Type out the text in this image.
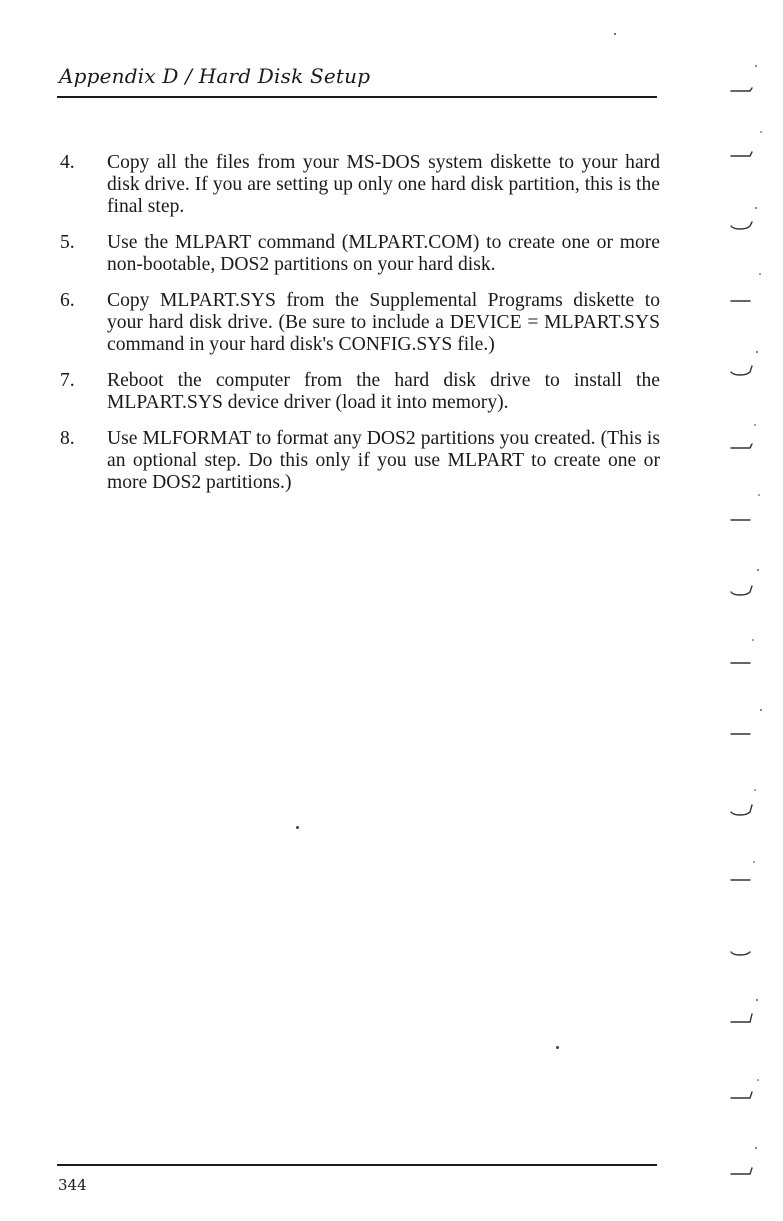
Appendix D / Hard Disk Setup
4.	Copy all the files from your MS-DOS system diskette to your hard disk drive. If you are setting up only one hard disk partition, this is the final step.
5.	Use the MLPART command (MLPART.COM) to create one or more non-bootable, DOS2 partitions on your hard disk.
6.	Copy MLPART.SYS from the Supplemental Programs diskette to your hard disk drive. (Be sure to include a DEVICE = MLPART.SYS command in your hard disk's CONFIG.SYS file.)
7.	Reboot the computer from the hard disk drive to install the MLPART.SYS device driver (load it into memory).
8.	Use MLFORMAT to format any DOS2 partitions you created. (This is an optional step. Do this only if you use MLPART to create one or more DOS2 partitions.)
344
